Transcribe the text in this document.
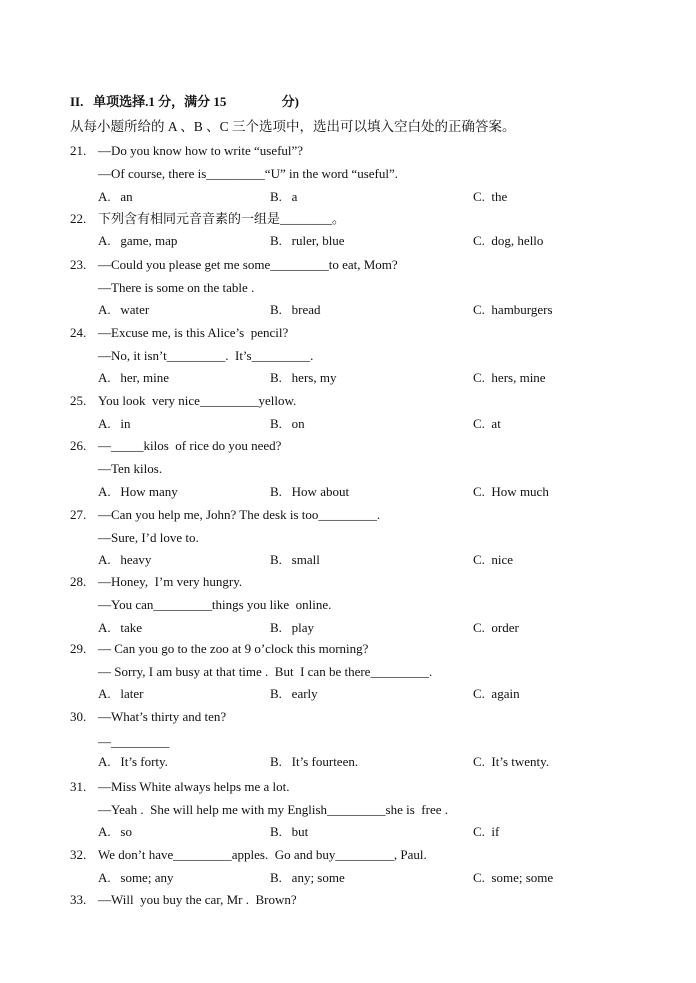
II.   单项选择.1 分，满分 15                 分)
从每小题所给的 A 、B 、C 三个选项中，选出可以填入空白处的正确答案。
21. —Do you know how to write “useful”?
—Of course, there is_________“U” in the word “useful”.
A.   an	B.   a	C.  the
22. 下列含有相同元音音素的一组是________。
A.   game, map	B.   ruler, blue	C.  dog, hello
23. —Could you please get me some_________to eat, Mom?
—There is some on the table .
A.   water	B.   bread	C.  hamburgers
24. —Excuse me, is this Alice’s  pencil?
—No, it isn’t_________.  It’s_________.
A.   her, mine	B.   hers, my	C.  hers, mine
25. You look  very nice_________yellow.
A.   in	B.   on	C.  at
26. —_____kilos  of rice do you need?
—Ten kilos.
A.   How many	B.   How about	C.  How much
27. —Can you help me, John? The desk is too_________.
—Sure, I’d love to.
A.   heavy	B.   small	C.  nice
28. —Honey,  I’m very hungry.
—You can_________things you like  online.
A.   take	B.   play	C.  order
29. — Can you go to the zoo at 9 o’clock this morning?
— Sorry, I am busy at that time .  But  I can be there_________.
A.   later	B.   early	C.  again
30. —What’s thirty and ten?
—_________
A.   It’s forty.	B.   It’s fourteen.	C.  It’s twenty.
31. —Miss White always helps me a lot.
—Yeah .  She will help me with my English_________she is  free .
A.   so	B.   but	C.  if
32. We don’t have_________apples.  Go and buy_________, Paul.
A.   some; any	B.   any; some	C.  some; some
33. —Will  you buy the car, Mr .  Brown?
